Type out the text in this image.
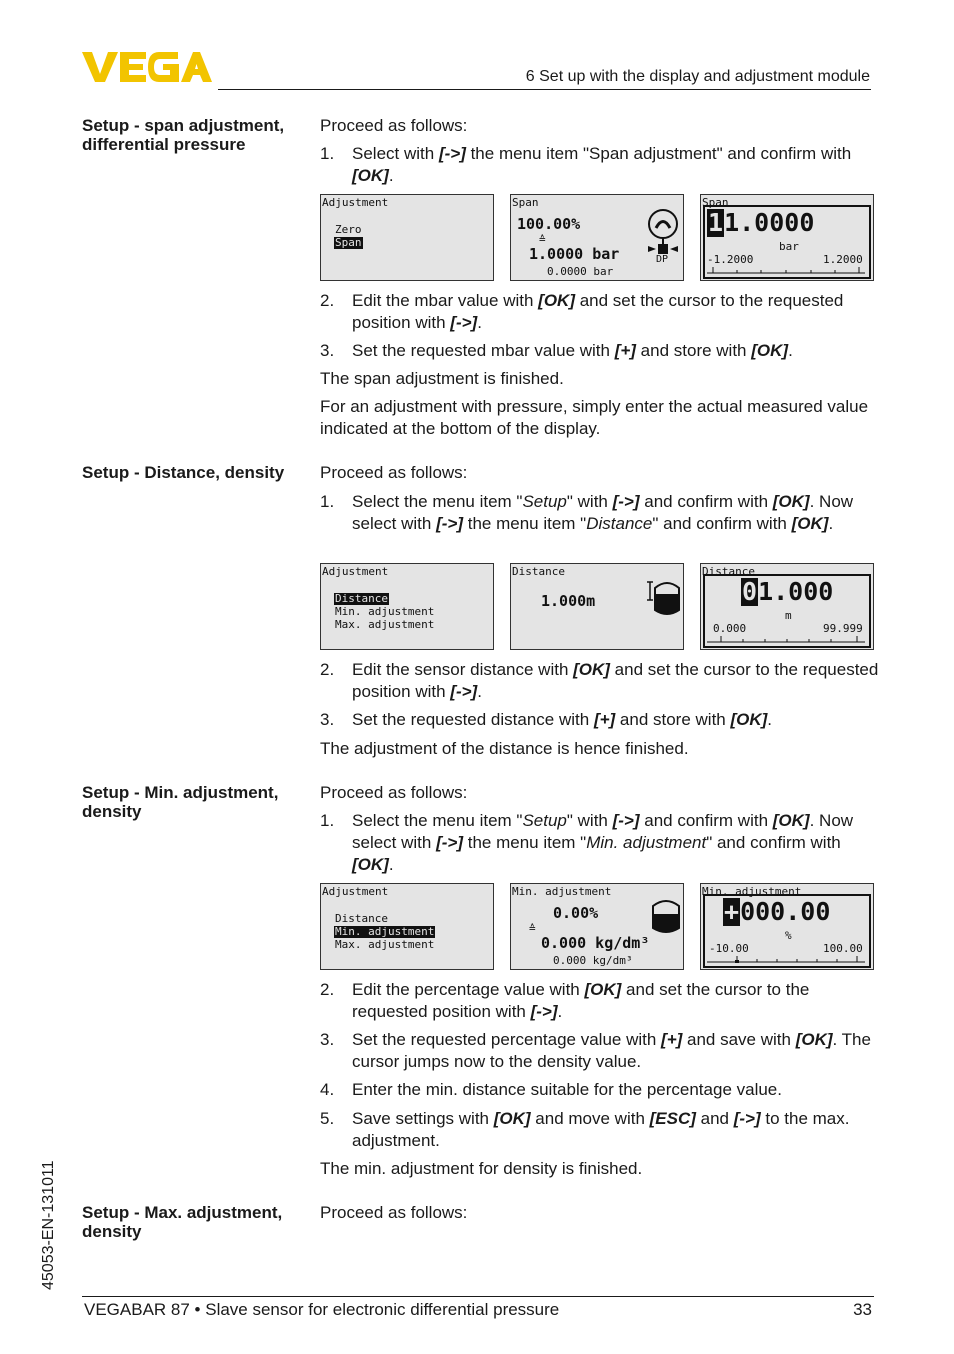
6 Set up with the display and adjustment module
Setup - span adjustment, differential pressure
Proceed as follows:
1.	Select with [->] the menu item "Span adjustment" and confirm with [OK].
Adjustment
Zero
Span
Span
100.00%
≙
1.0000 bar
0.0000 bar
DP
Span
11.0000
bar
-1.2000	1.2000
2.	Edit the mbar value with [OK] and set the cursor to the requested position with [->].
3.	Set the requested mbar value with [+] and store with [OK].
The span adjustment is finished.
For an adjustment with pressure, simply enter the actual measured value indicated at the bottom of the display.
Setup - Distance, density	Proceed as follows:
1.	Select the menu item "Setup" with [->] and confirm with [OK]. Now select with [->] the menu item "Distance" and confirm with [OK].
Adjustment
Distance
Min. adjustment
Max. adjustment
Distance
1.000m
Distance
01.000
m
0.000	99.999
2.	Edit the sensor distance with [OK] and set the cursor to the requested position with [->].
3.	Set the requested distance with [+] and store with [OK].
The adjustment of the distance is hence finished.
Setup - Min. adjustment, density
Proceed as follows:
1.	Select the menu item "Setup" with [->] and confirm with [OK]. Now select with [->] the menu item "Min. adjustment" and confirm with [OK].
Adjustment
Distance
Min. adjustment
Max. adjustment
Min. adjustment
0.00%
≙
0.000 kg/dm³
0.000 kg/dm³
Min. adjustment
+000.00
%
-10.00	100.00
2.	Edit the percentage value with [OK] and set the cursor to the requested position with [->].
3.	Set the requested percentage value with [+] and save with [OK]. The cursor jumps now to the density value.
4.	Enter the min. distance suitable for the percentage value.
5.	Save settings with [OK] and move with [ESC] and [->] to the max. adjustment.
The min. adjustment for density is finished.
Setup - Max. adjustment, density
Proceed as follows:
45053-EN-131011
VEGABAR 87 • Slave sensor for electronic differential pressure	33
